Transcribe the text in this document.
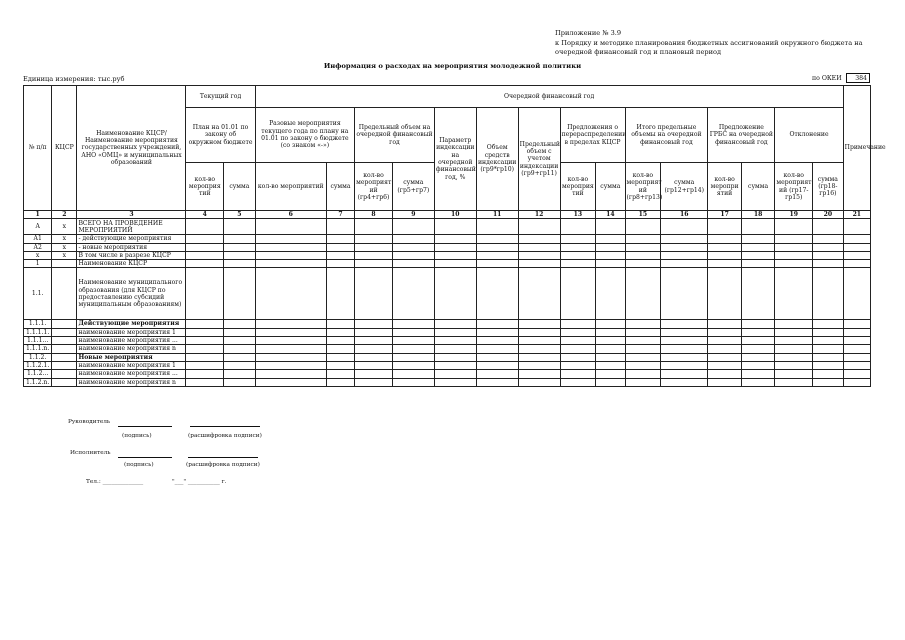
Приложение № 3.9
к Порядку и методике планирования бюджетных ассигнований окружного бюджета на
очередной финансовый год и плановый период
Информация о расходах на мероприятия молодежной политики
Единица измерения: тыс.руб	по ОКЕИ	384
№ п/п	КЦСР	Наименование КЦСР/ Наименование мероприятия государственных учреждений, АНО «ОМЦ» и муниципальных образований	Текущий год		Очередной финансовый год															Примечание
			План на 01.01 по закону об окружном бюджете		Разовые мероприятия текущего года по плану на 01.01 по закону о бюджете (со знаком «-»)		Предельный объем на очередной финансовый год		Параметр индексации на очередной финансовый год, %	Объем средств индексации (гр9*гр10)	Предельный объем с учетом индексации (гр9+гр11)	Предложения о перераспределении в пределах КЦСР		Итого предельные объемы на очередной финансовый год		Предложение ГРБС на очередной финансовый год		Отклонение		
			кол-во мероприя тий	сумма	кол-во мероприятий	сумма	кол-во мероприят ий (гр4+гр6)	сумма (гр5+гр7)				кол-во мероприя тий	сумма	кол-во мероприят ий (гр8+гр13)	сумма (гр12+гр14)	кол-во меропри ятий	сумма	кол-во мероприят ий (гр17-гр15)	сумма (гр18-гр16)	
1	2	3	4	5	6	7	8	9	10	11	12	13	14	15	16	17	18	19	20	21
А	х	ВСЕГО НА ПРОВЕДЕНИЕ МЕРОПРИЯТИЙ																		
А1	х	- действующие мероприятия																		
А2	х	- новые мероприятия																		
х	х	В том числе в разрезе КЦСР																		
1		Наименование КЦСР																		
1.1.		Наименование муниципального образования (для КЦСР по предоставлению субсидий муниципальным образованиям)																		
1.1.1.		Действующие мероприятия																		
1.1.1.1.		наименование мероприятия 1																		
1.1.1...		наименование мероприятия ...																		
1.1.1.n.		наименование мероприятия n																		
1.1.2.		Новые мероприятия																		
1.1.2.1.		наименование мероприятия 1																		
1.1.2...		наименование мероприятия ...																		
1.1.2.n.		наименование мероприятия n																		
Руководитель
(подпись)	(расшифровка подписи)
Исполнитель
(подпись)	(расшифровка подписи)
Тел.: ______________	"___" ___________ г.
